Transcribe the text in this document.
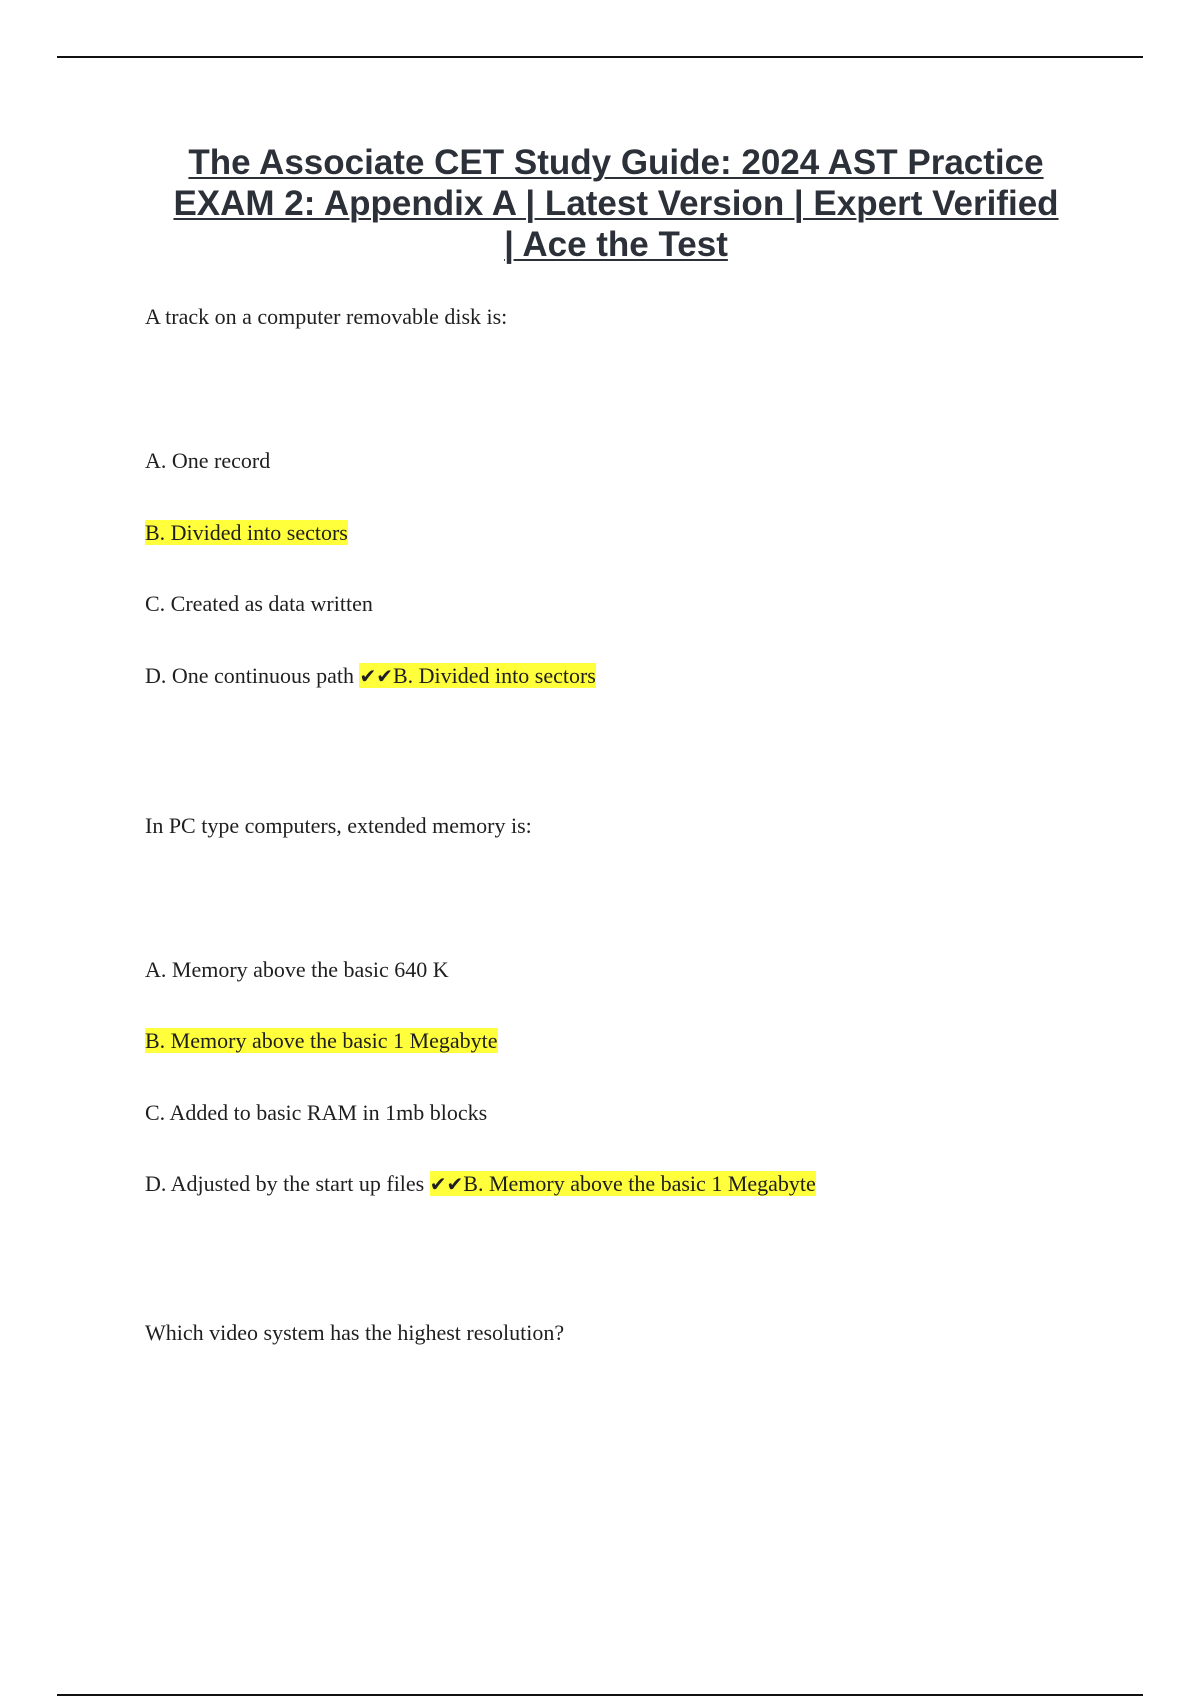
The Associate CET Study Guide: 2024 AST Practice
EXAM 2: Appendix A | Latest Version | Expert Verified
| Ace the Test
A track on a computer removable disk is:
A. One record
B. Divided into sectors
C. Created as data written
D. One continuous path ✔✔B. Divided into sectors
In PC type computers, extended memory is:
A. Memory above the basic 640 K
B. Memory above the basic 1 Megabyte
C. Added to basic RAM in 1mb blocks
D. Adjusted by the start up files ✔✔B. Memory above the basic 1 Megabyte
Which video system has the highest resolution?
